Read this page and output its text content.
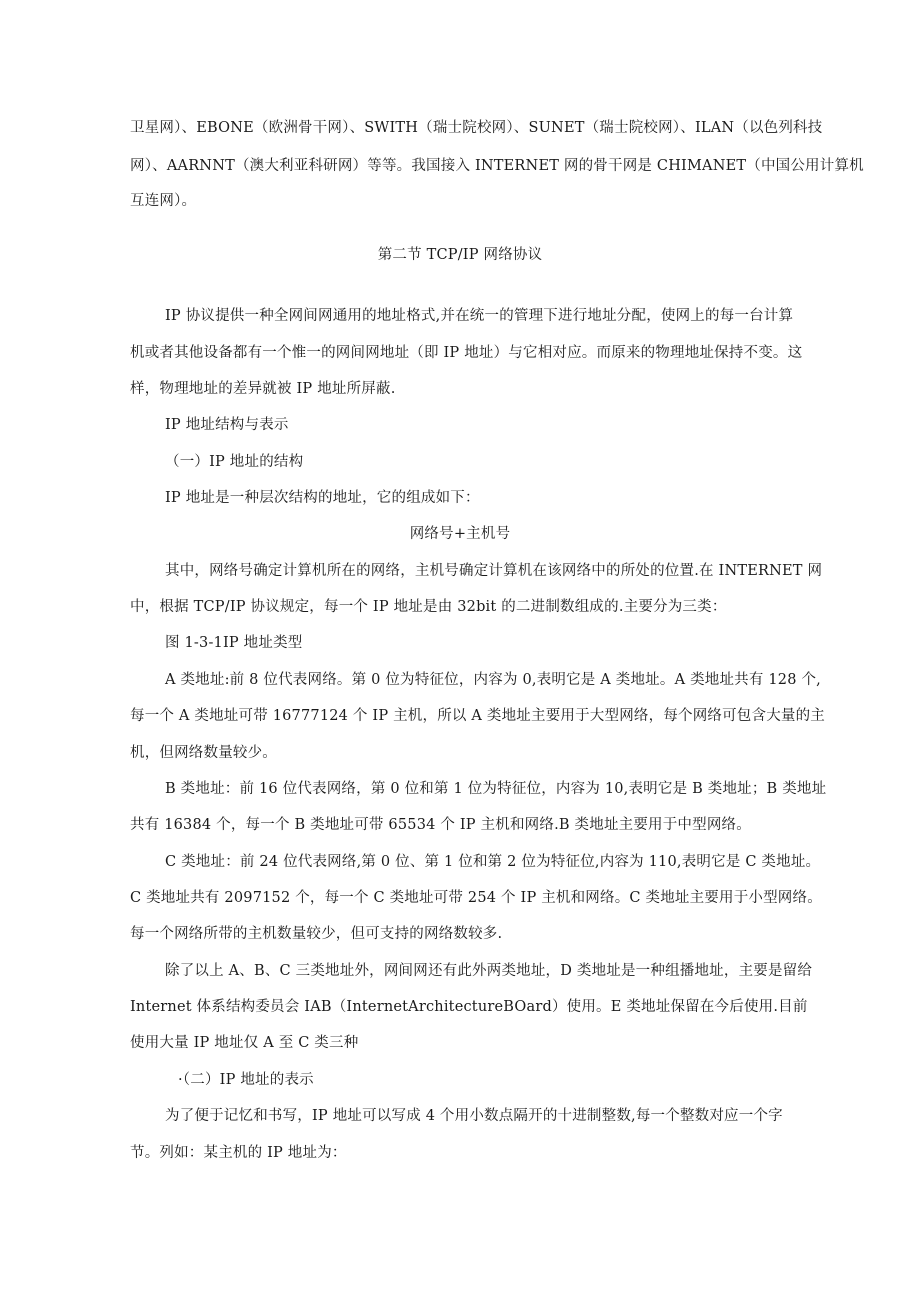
卫星网）、EBONE（欧洲骨干网）、SWITH（瑞士院校网）、SUNET（瑞士院校网）、ILAN（以色列科技
网）、AARNNT（澳大利亚科研网）等等。我国接入 INTERNET 网的骨干网是 CHIMANET（中国公用计算机
互连网）。
第二节 TCP/IP 网络协议
IP 协议提供一种全网间网通用的地址格式,并在统一的管理下进行地址分配，使网上的每一台计算
机或者其他设备都有一个惟一的网间网地址（即 IP 地址）与它相对应。而原来的物理地址保持不变。这
样，物理地址的差异就被 IP 地址所屏蔽.
IP 地址结构与表示
（一）IP 地址的结构
IP 地址是一种层次结构的地址，它的组成如下：
网络号+主机号
其中，网络号确定计算机所在的网络，主机号确定计算机在该网络中的所处的位置.在 INTERNET 网
中，根据 TCP/IP 协议规定，每一个 IP 地址是由 32bit 的二进制数组成的.主要分为三类：
图 1-3-1IP 地址类型
A 类地址:前 8 位代表网络。第 0 位为特征位，内容为 0,表明它是 A 类地址。A 类地址共有 128 个,
每一个 A 类地址可带 16777124 个 IP 主机，所以 A 类地址主要用于大型网络，每个网络可包含大量的主
机，但网络数量较少。
B 类地址：前 16 位代表网络，第 0 位和第 1 位为特征位，内容为 10,表明它是 B 类地址；B 类地址
共有 16384 个，每一个 B 类地址可带 65534 个 IP 主机和网络.B 类地址主要用于中型网络。
C 类地址：前 24 位代表网络,第 0 位、第 1 位和第 2 位为特征位,内容为 110,表明它是 C 类地址。
C 类地址共有 2097152 个，每一个 C 类地址可带 254 个 IP 主机和网络。C 类地址主要用于小型网络。
每一个网络所带的主机数量较少，但可支持的网络数较多.
除了以上 A、B、C 三类地址外，网间网还有此外两类地址，D 类地址是一种组播地址，主要是留给
Internet 体系结构委员会 IAB（InternetArchitectureBOard）使用。E 类地址保留在今后使用.目前
使用大量 IP 地址仅 A 至 C 类三种
·（二）IP 地址的表示
为了便于记忆和书写，IP 地址可以写成 4 个用小数点隔开的十进制整数,每一个整数对应一个字
节。列如：某主机的 IP 地址为：
